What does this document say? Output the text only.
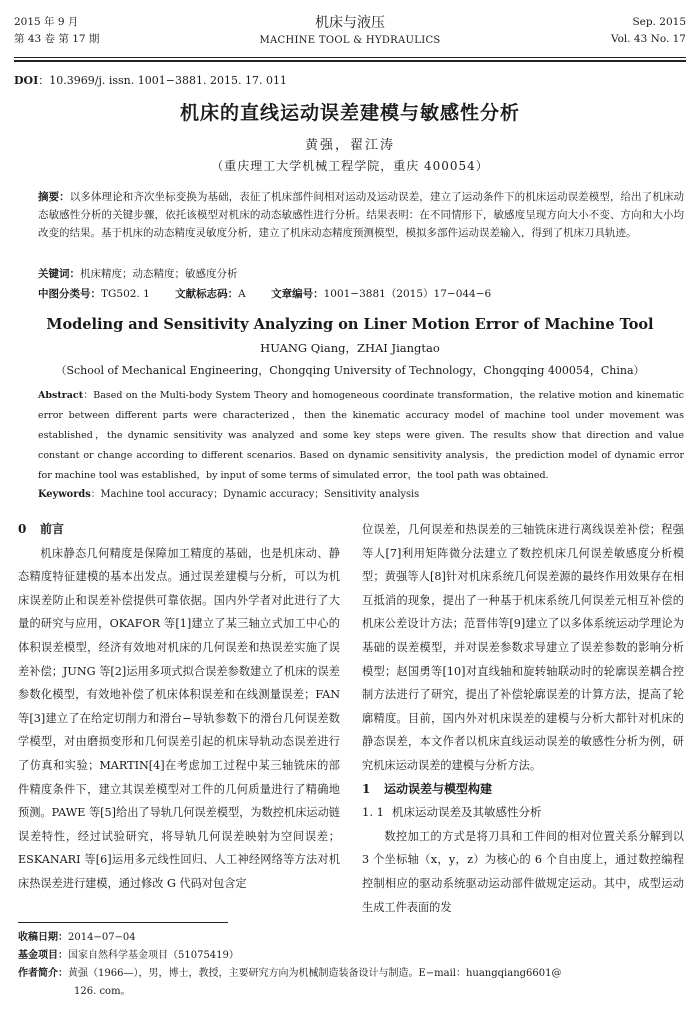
2015 年 9 月
第 43 卷 第 17 期
机床与液压
MACHINE TOOL & HYDRAULICS
Sep. 2015
Vol. 43 No. 17
DOI：10.3969/j. issn. 1001−3881. 2015. 17. 011
机床的直线运动误差建模与敏感性分析
黄强，翟江涛
（重庆理工大学机械工程学院，重庆 400054）
摘要：以多体理论和齐次坐标变换为基础，表征了机床部件间相对运动及运动误差，建立了运动条件下的机床运动误差模型，给出了机床动态敏感性分析的关键步骤，依托该模型对机床的动态敏感性进行分析。结果表明：在不同情形下，敏感度呈现方向大小不变、方向和大小均改变的结果。基于机床的动态精度灵敏度分析，建立了机床动态精度预测模型，模拟多部件运动误差输入，得到了机床刀具轨迹。
关键词：机床精度；动态精度；敏感度分析
中图分类号：TG502. 1 文献标志码：A 文章编号：1001−3881（2015）17−044−6
Modeling and Sensitivity Analyzing on Liner Motion Error of Machine Tool
HUANG Qiang，ZHAI Jiangtao
（School of Mechanical Engineering，Chongqing University of Technology，Chongqing 400054，China）
Abstract：Based on the Multi-body System Theory and homogeneous coordinate transformation，the relative motion and kinematic error between different parts were characterized，then the kinematic accuracy model of machine tool under movement was established，the dynamic sensitivity was analyzed and some key steps were given. The results show that direction and value constant or change according to different scenarios. Based on dynamic sensitivity analysis，the prediction model of dynamic error for machine tool was established，by input of some terms of simulated error，the tool path was obtained.
Keywords：Machine tool accuracy；Dynamic accuracy；Sensitivity analysis
0 前言

机床静态几何精度是保障加工精度的基础，也是机床动、静态精度特征建模的基本出发点。通过误差建模与分析，可以为机床误差防止和误差补偿提供可靠依据。国内外学者对此进行了大量的研究与应用，OKAFOR 等[1]建立了某三轴立式加工中心的体积误差模型，经济有效地对机床的几何误差和热误差实施了误差补偿；JUNG 等[2]运用多项式拟合误差参数建立了机床的误差参数化模型，有效地补偿了机床体积误差和在线测量误差；FAN 等[3]建立了在给定切削力和滑台−导轨参数下的滑台几何误差数学模型，对由磨损变形和几何误差引起的机床导轨动态误差进行了仿真和实验；MARTIN[4]在考虑加工过程中某三轴铣床的部件精度条件下，建立其误差模型对工件的几何质量进行了精确地预测。PAWE 等[5]给出了导轨几何误差模型，为数控机床运动链误差特性，经过试验研究，将导轨几何误差映射为空间误差；ESKANARI 等[6]运用多元线性回归、人工神经网络等方法对机床热误差进行建模，通过修改 G 代码对包含定

位误差，几何误差和热误差的三轴铣床进行离线误差补偿；程强等人[7]利用矩阵微分法建立了数控机床几何误差敏感度分析模型；黄强等人[8]针对机床系统几何误差源的最终作用效果存在相互抵消的现象，提出了一种基于机床系统几何误差元相互补偿的机床公差设计方法；范晋伟等[9]建立了以多体系统运动学理论为基础的误差模型，并对误差参数求导建立了误差参数的影响分析模型；赵国勇等[10]对直线轴和旋转轴联动时的轮廓误差耦合控制方法进行了研究，提出了补偿轮廓误差的计算方法，提高了轮廓精度。目前，国内外对机床误差的建模与分析大都针对机床的静态误差，本文作者以机床直线运动误差的敏感性分析为例，研究机床运动误差的建模与分析方法。

1 运动误差与模型构建
1. 1 机床运动误差及其敏感性分析

数控加工的方式是将刀具和工件间的相对位置关系分解到以 3 个坐标轴（x，y，z）为核心的 6 个自由度上，通过数控编程控制相应的驱动系统驱动运动部件做规定运动。其中，成型运动生成工件表面的发

收稿日期：2014−07−04
基金项目：国家自然科学基金项目（51075419）
作者简介：黄强（1966—），男，博士，教授，主要研究方向为机械制造装备设计与制造。E−mail：huangqiang6601@
126. com。
